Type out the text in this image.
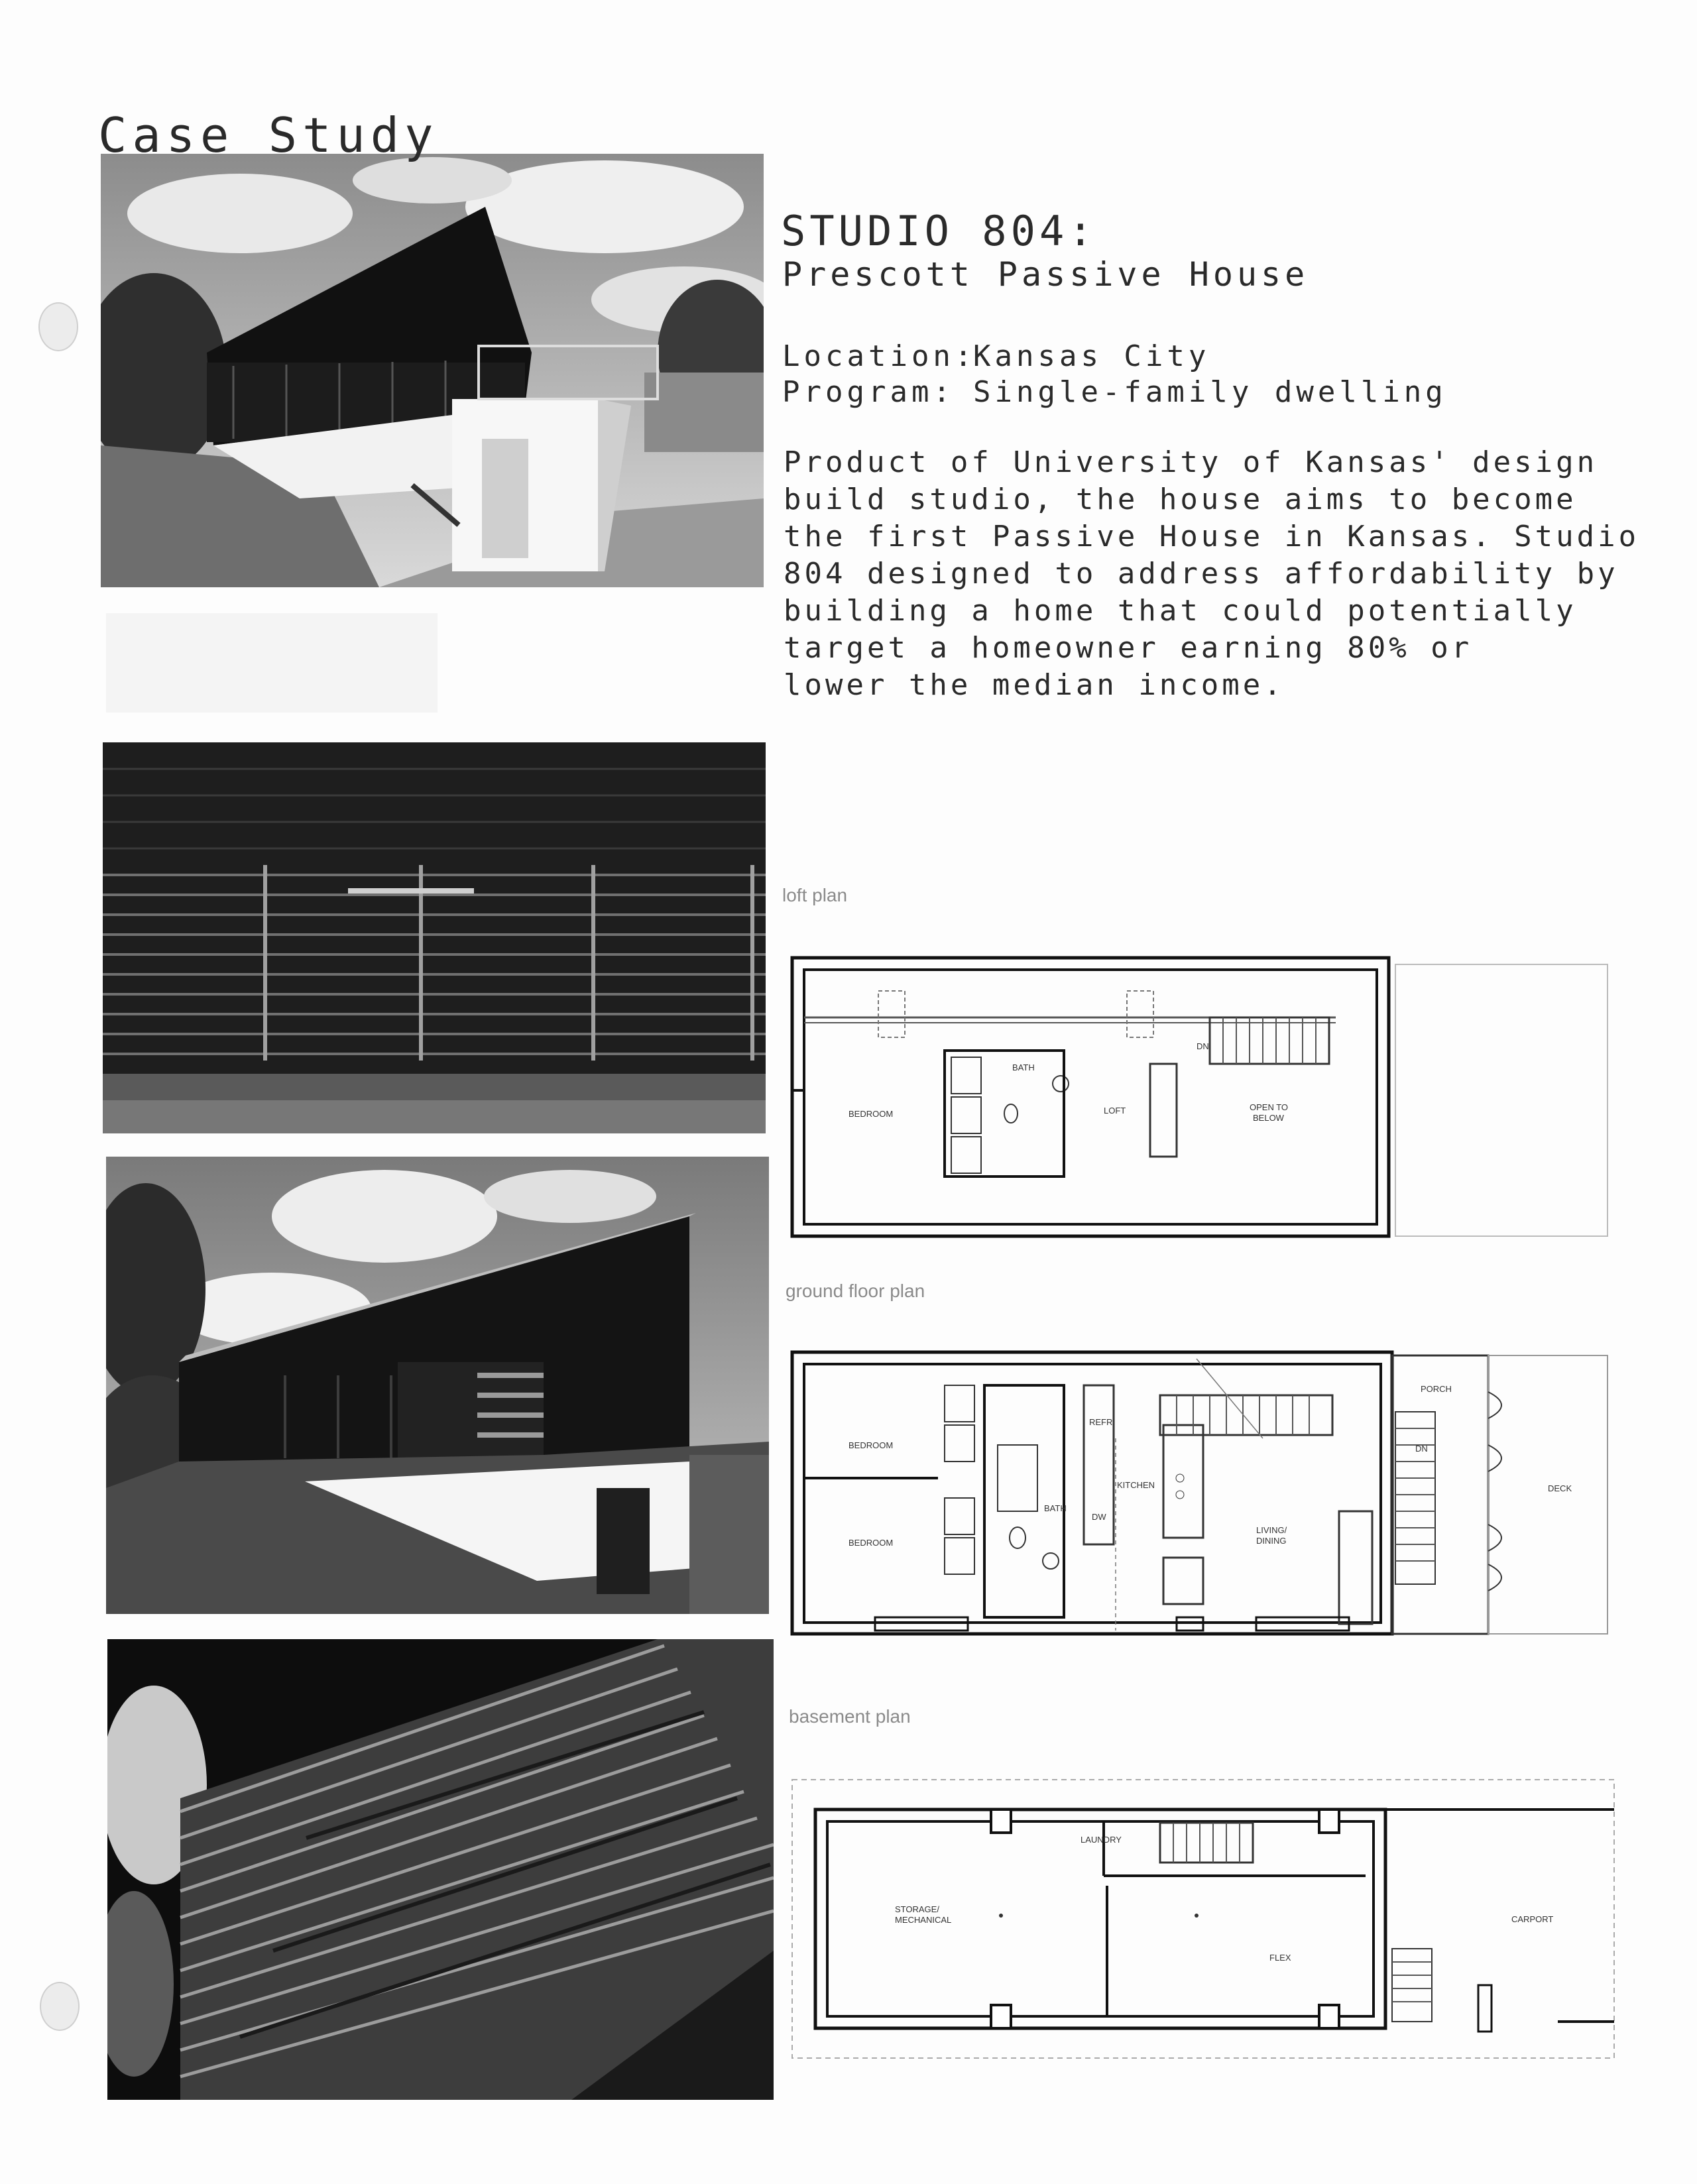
Case Study
STUDIO 804:
Prescott Passive House
Location:
Kansas City
Program: Single-family dwelling
Product of University of Kansas' design
build studio, the house aims to become
the first Passive House in Kansas. Studio
804 designed to address affordability by
building a home that could potentially
target a homeowner earning 80% or
lower the median income.
loft plan
BEDROOM
BATH
LOFT	OPEN TO
BELOW
DN
ground floor plan
BEDROOM
BEDROOM
BATH
KITCHEN
LIVING/
DINING
PORCH
DECK
DN
REFR
DW
basement plan
STORAGE/
MECHANICAL
LAUNDRY
FLEX
CARPORT
